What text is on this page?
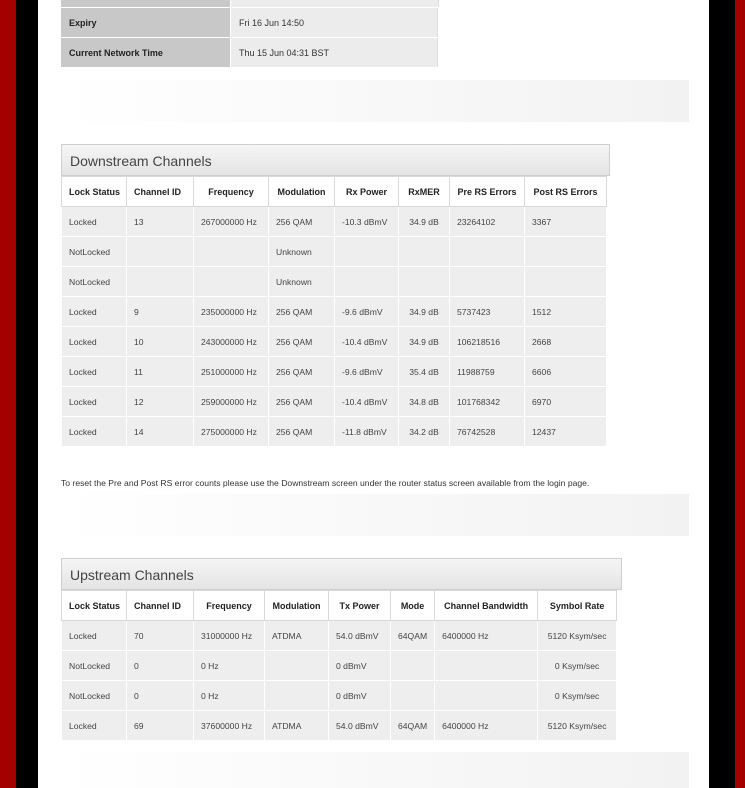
Expiry	Fri 16 Jun 14:50
Current Network Time	Thu 15 Jun 04:31 BST
Downstream Channels
Lock Status	Channel ID	Frequency	Modulation	Rx Power	RxMER	Pre RS Errors	Post RS Errors
Locked	13	267000000 Hz	256 QAM	-10.3 dBmV	34.9 dB	23264102	3367
NotLocked			Unknown				
NotLocked			Unknown				
Locked	9	235000000 Hz	256 QAM	-9.6 dBmV	34.9 dB	5737423	1512
Locked	10	243000000 Hz	256 QAM	-10.4 dBmV	34.9 dB	106218516	2668
Locked	11	251000000 Hz	256 QAM	-9.6 dBmV	35.4 dB	11988759	6606
Locked	12	259000000 Hz	256 QAM	-10.4 dBmV	34.8 dB	101768342	6970
Locked	14	275000000 Hz	256 QAM	-11.8 dBmV	34.2 dB	76742528	12437
To reset the Pre and Post RS error counts please use the Downstream screen under the router status screen available from the login page.
Upstream Channels
Lock Status	Channel ID	Frequency	Modulation	Tx Power	Mode	Channel Bandwidth	Symbol Rate
Locked	70	31000000 Hz	ATDMA	54.0 dBmV	64QAM	6400000 Hz	5120 Ksym/sec
NotLocked	0	0 Hz		0 dBmV			0 Ksym/sec
NotLocked	0	0 Hz		0 dBmV			0 Ksym/sec
Locked	69	37600000 Hz	ATDMA	54.0 dBmV	64QAM	6400000 Hz	5120 Ksym/sec
